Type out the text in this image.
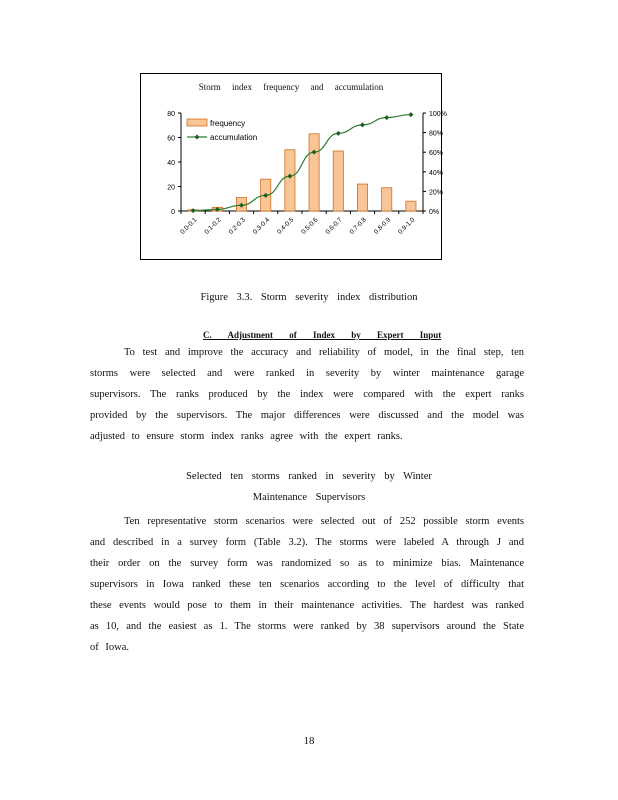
Storm index frequency and accumulation
0
20
40
60
80
0%
20%
40%
60%
80%
100%
0.0-0.1 0.1-0.2 0.2-0.3 0.3-0.4 0.4-0.5 0.5-0.6 0.6-0.7 0.7-0.8 0.8-0.9 0.9-1.0
frequency
accumulation
Figure 3.3. Storm severity index distribution
C. Adjustment of Index by Expert Input
To test and improve the accuracy and reliability of model, in the final step, ten storms were selected and were ranked in severity by winter maintenance garage supervisors. The ranks produced by the index were compared with the expert ranks provided by the supervisors. The major differences were discussed and the model was adjusted to ensure storm index ranks agree with the expert ranks.
Selected ten storms ranked in severity by Winter
Maintenance Supervisors
Ten representative storm scenarios were selected out of 252 possible storm events and described in a survey form (Table 3.2). The storms were labeled A through J and their order on the survey form was randomized so as to minimize bias. Maintenance supervisors in Iowa ranked these ten scenarios according to the level of difficulty that these events would pose to them in their maintenance activities. The hardest was ranked as 10, and the easiest as 1. The storms were ranked by 38 supervisors around the State of Iowa.
18
